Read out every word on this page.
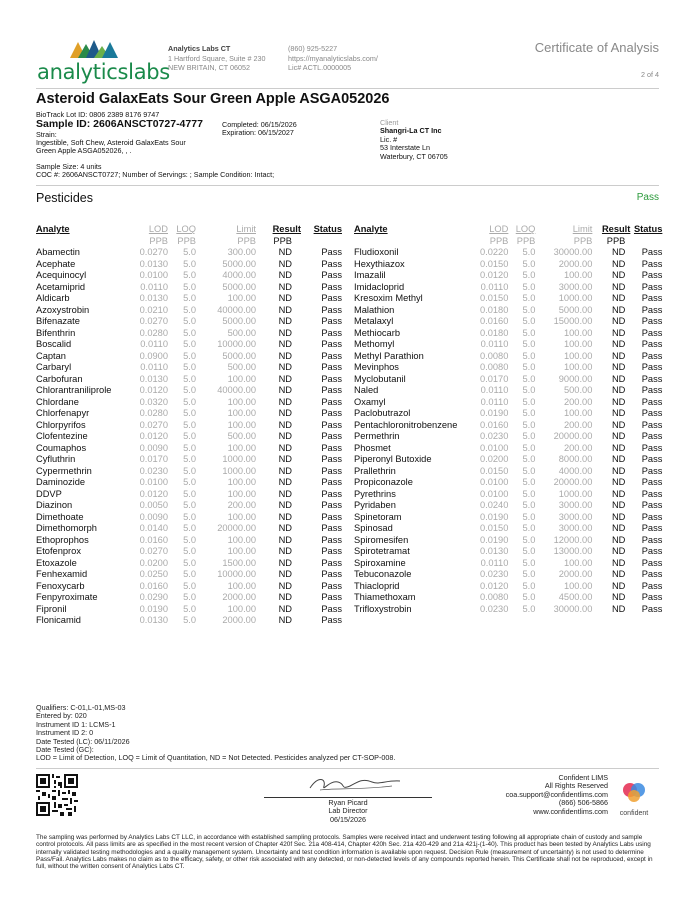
analyticslabs
Analytics Labs CT
1 Hartford Square, Suite # 230
NEW BRITAIN, CT 06052
(860) 925-5227
https://myanalyticslabs.com/
Lic# ACTL.0000005
Certificate of Analysis
2 of 4
Asteroid GalaxEats Sour Green Apple ASGA052026
BioTrack Lot ID: 0806 2389 8176 9747
Sample ID: 2606ANSCT0727-4777	Completed: 06/15/2026
Expiration: 06/15/2027
Strain:
Ingestible, Soft Chew, Asteroid GalaxEats Sour
Green Apple ASGA052026, , .
Sample Size: 4 units
COC #: 2606ANSCT0727; Number of Servings: ; Sample Condition: Intact;
Client
Shangri-La CT Inc
Lic. #
53 Interstate Ln
Waterbury, CT 06705
Pesticides	Pass
Analyte	LOD	LOQ	Limit	Result	Status
	PPB	PPB	PPB	PPB	
Abamectin	0.0270	5.0	300.00	ND	Pass
Acephate	0.0130	5.0	5000.00	ND	Pass
Acequinocyl	0.0100	5.0	4000.00	ND	Pass
Acetamiprid	0.0110	5.0	5000.00	ND	Pass
Aldicarb	0.0130	5.0	100.00	ND	Pass
Azoxystrobin	0.0210	5.0	40000.00	ND	Pass
Bifenazate	0.0270	5.0	5000.00	ND	Pass
Bifenthrin	0.0280	5.0	500.00	ND	Pass
Boscalid	0.0110	5.0	10000.00	ND	Pass
Captan	0.0900	5.0	5000.00	ND	Pass
Carbaryl	0.0110	5.0	500.00	ND	Pass
Carbofuran	0.0130	5.0	100.00	ND	Pass
Chlorantraniliprole	0.0120	5.0	40000.00	ND	Pass
Chlordane	0.0320	5.0	100.00	ND	Pass
Chlorfenapyr	0.0280	5.0	100.00	ND	Pass
Chlorpyrifos	0.0270	5.0	100.00	ND	Pass
Clofentezine	0.0120	5.0	500.00	ND	Pass
Coumaphos	0.0090	5.0	100.00	ND	Pass
Cyfluthrin	0.0170	5.0	1000.00	ND	Pass
Cypermethrin	0.0230	5.0	1000.00	ND	Pass
Daminozide	0.0100	5.0	100.00	ND	Pass
DDVP	0.0120	5.0	100.00	ND	Pass
Diazinon	0.0050	5.0	200.00	ND	Pass
Dimethoate	0.0090	5.0	100.00	ND	Pass
Dimethomorph	0.0140	5.0	20000.00	ND	Pass
Ethoprophos	0.0160	5.0	100.00	ND	Pass
Etofenprox	0.0270	5.0	100.00	ND	Pass
Etoxazole	0.0200	5.0	1500.00	ND	Pass
Fenhexamid	0.0250	5.0	10000.00	ND	Pass
Fenoxycarb	0.0160	5.0	100.00	ND	Pass
Fenpyroximate	0.0290	5.0	2000.00	ND	Pass
Fipronil	0.0190	5.0	100.00	ND	Pass
Flonicamid	0.0130	5.0	2000.00	ND	Pass
Analyte	LOD	LOQ	Limit	Result	Status
	PPB	PPB	PPB	PPB	
Fludioxonil	0.0220	5.0	30000.00	ND	Pass
Hexythiazox	0.0150	5.0	2000.00	ND	Pass
Imazalil	0.0120	5.0	100.00	ND	Pass
Imidacloprid	0.0110	5.0	3000.00	ND	Pass
Kresoxim Methyl	0.0150	5.0	1000.00	ND	Pass
Malathion	0.0180	5.0	5000.00	ND	Pass
Metalaxyl	0.0160	5.0	15000.00	ND	Pass
Methiocarb	0.0180	5.0	100.00	ND	Pass
Methomyl	0.0110	5.0	100.00	ND	Pass
Methyl Parathion	0.0080	5.0	100.00	ND	Pass
Mevinphos	0.0080	5.0	100.00	ND	Pass
Myclobutanil	0.0170	5.0	9000.00	ND	Pass
Naled	0.0110	5.0	500.00	ND	Pass
Oxamyl	0.0110	5.0	200.00	ND	Pass
Paclobutrazol	0.0190	5.0	100.00	ND	Pass
Pentachloronitrobenzene	0.0160	5.0	200.00	ND	Pass
Permethrin	0.0230	5.0	20000.00	ND	Pass
Phosmet	0.0100	5.0	200.00	ND	Pass
Piperonyl Butoxide	0.0200	5.0	8000.00	ND	Pass
Prallethrin	0.0150	5.0	4000.00	ND	Pass
Propiconazole	0.0100	5.0	20000.00	ND	Pass
Pyrethrins	0.0100	5.0	1000.00	ND	Pass
Pyridaben	0.0240	5.0	3000.00	ND	Pass
Spinetoram	0.0190	5.0	3000.00	ND	Pass
Spinosad	0.0150	5.0	3000.00	ND	Pass
Spiromesifen	0.0190	5.0	12000.00	ND	Pass
Spirotetramat	0.0130	5.0	13000.00	ND	Pass
Spiroxamine	0.0110	5.0	100.00	ND	Pass
Tebuconazole	0.0230	5.0	2000.00	ND	Pass
Thiacloprid	0.0120	5.0	100.00	ND	Pass
Thiamethoxam	0.0080	5.0	4500.00	ND	Pass
Trifloxystrobin	0.0230	5.0	30000.00	ND	Pass
Qualifiers: C-01,L-01,MS-03
Entered by: 020
Instrument ID 1: LCMS-1
Instrument ID 2: 0
Date Tested (LC): 06/11/2026
Date Tested (GC):
LOD = Limit of Detection, LOQ = Limit of Quantitation, ND = Not Detected. Pesticides analyzed per CT-SOP-008.
Ryan Picard
Lab Director
06/15/2026
Confident LIMS
All Rights Reserved
coa.support@confidentlims.com
(866) 506-5866
www.confidentlims.com	confident
The sampling was performed by Analytics Labs CT LLC, in accordance with established sampling protocols. Samples were received intact and underwent testing following all appropriate chain of custody and sample control protocols. All pass limits are as specified in the most recent version of Chapter 420f Sec. 21a 408-414, Chapter 420h Sec. 21a 420-429 and 21a 421j-(1-40). This product has been tested by Analytics Labs using internally validated testing methodologies and a quality management system. Uncertainty and test condition information is available upon request. Decision Rule (measurement of uncertainty) is not used to determine Pass/Fail. Analytics Labs makes no claim as to the efficacy, safety, or other risk associated with any detected, or non-detected levels of any compounds reported herein. This Certificate shall not be reproduced, except in full, without the written consent of Analytics Labs CT.
